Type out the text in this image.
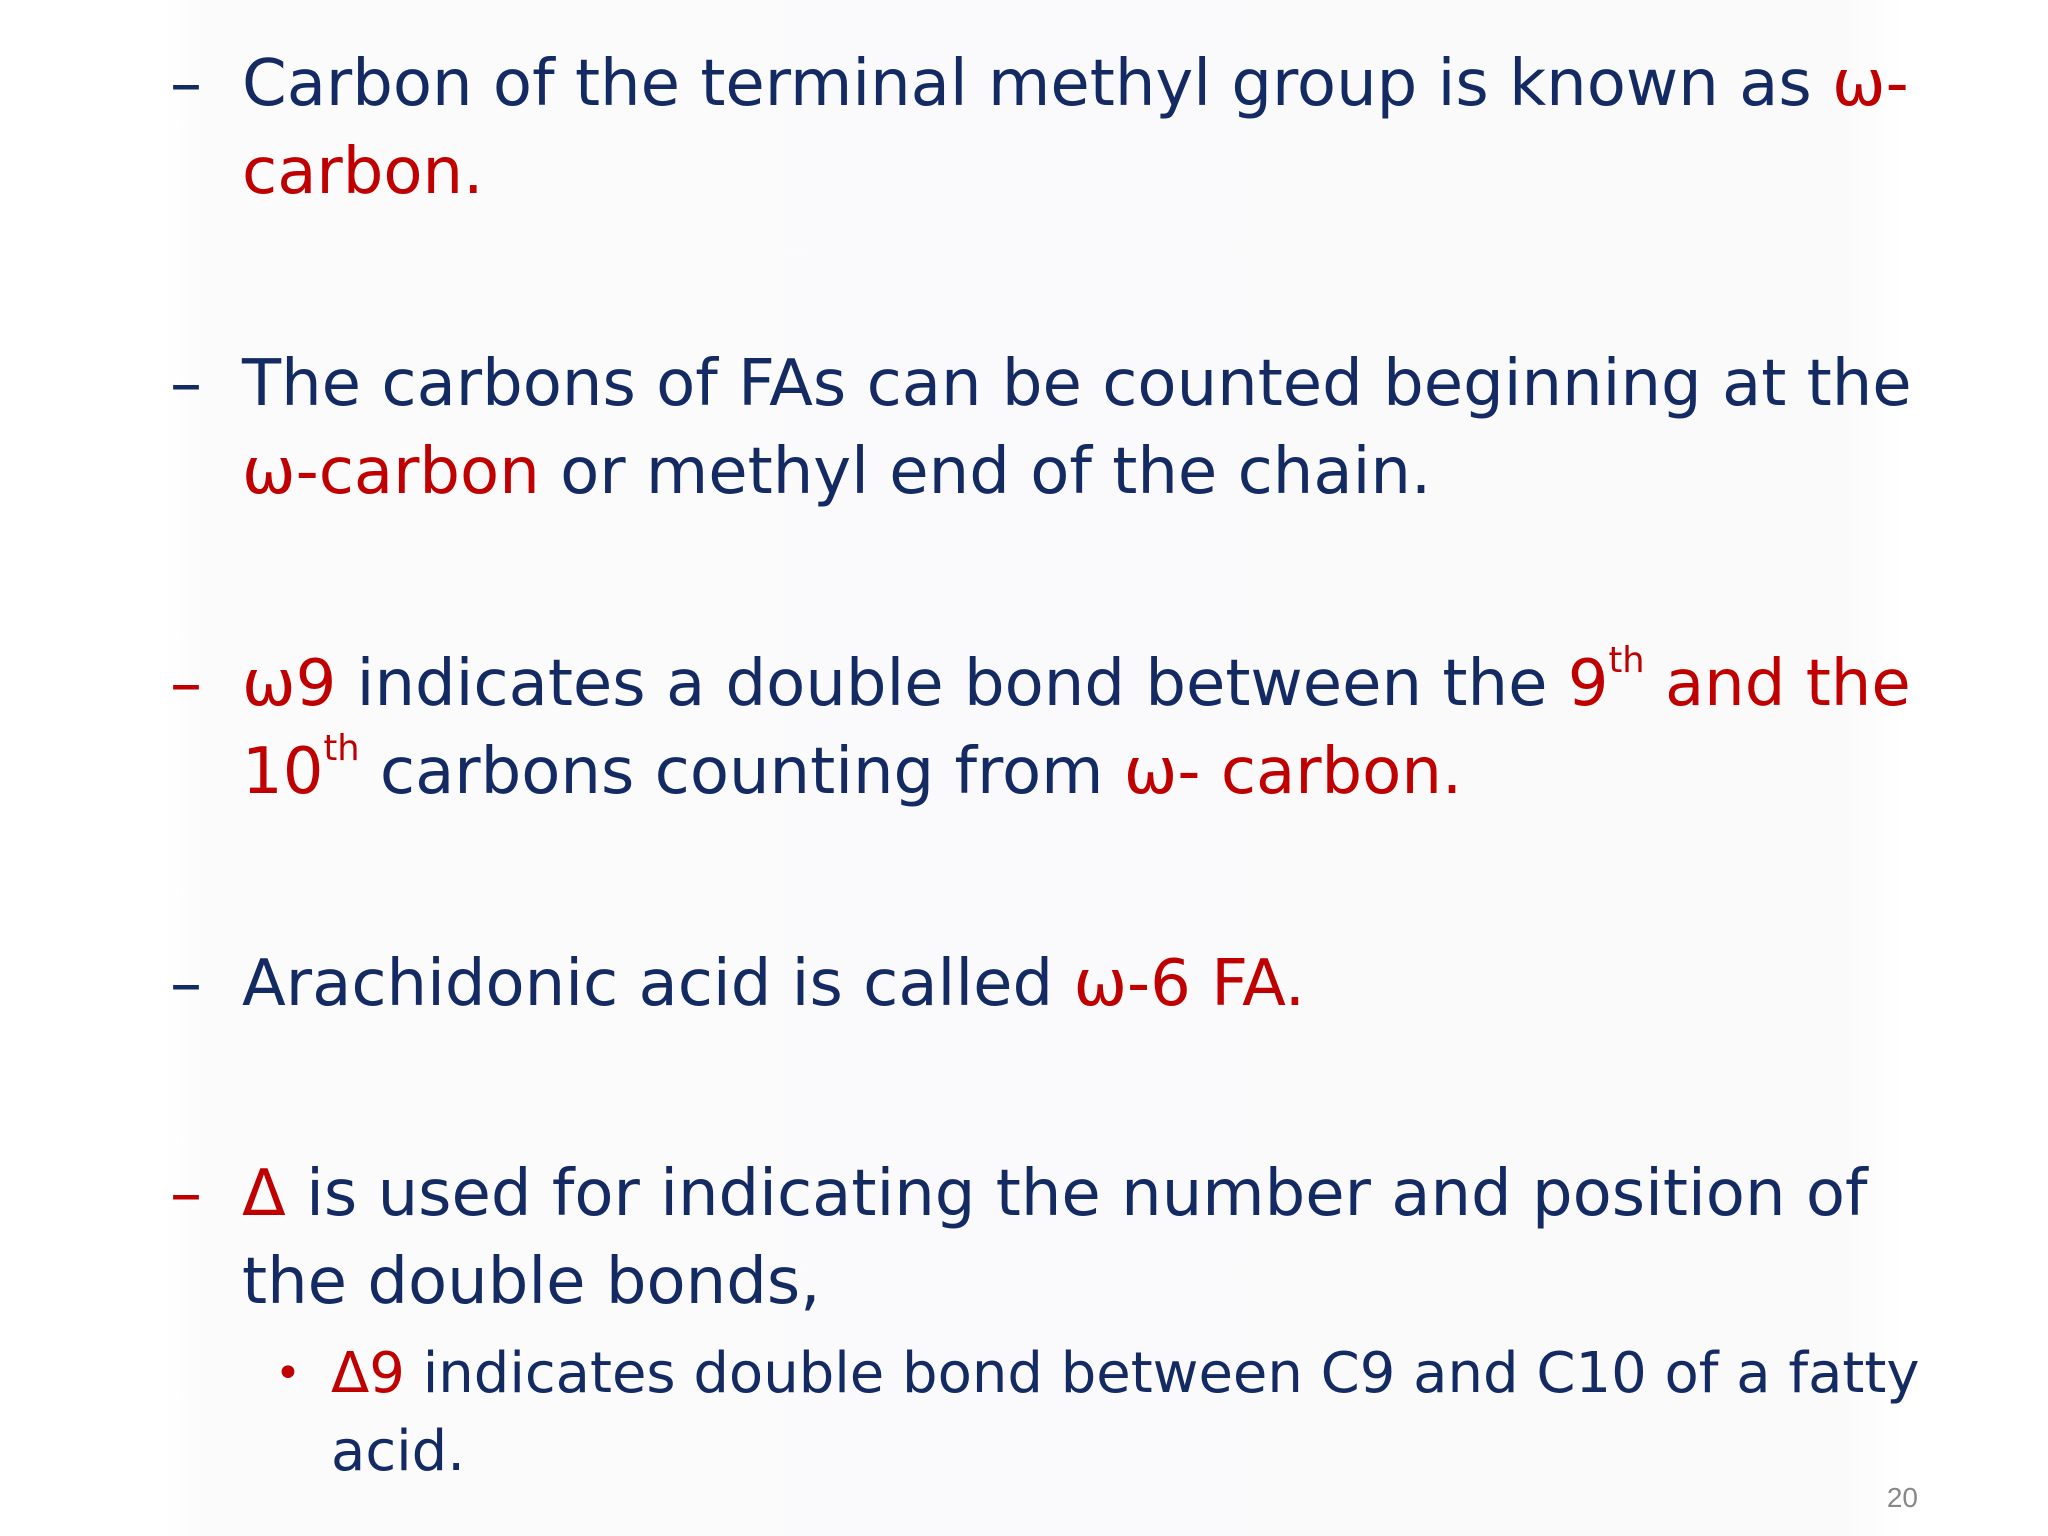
– Carbon of the terminal methyl group is known as ω-
carbon.
– The carbons of FAs can be counted beginning at the
ω-carbon or methyl end of the chain.
– ω9 indicates a double bond between the 9th and the
10th carbons counting from ω- carbon.
– Arachidonic acid is called ω-6 FA.
– Δ is used for indicating the number and position of
the double bonds,
• Δ9 indicates double bond between C9 and C10 of a fatty
acid.
20
